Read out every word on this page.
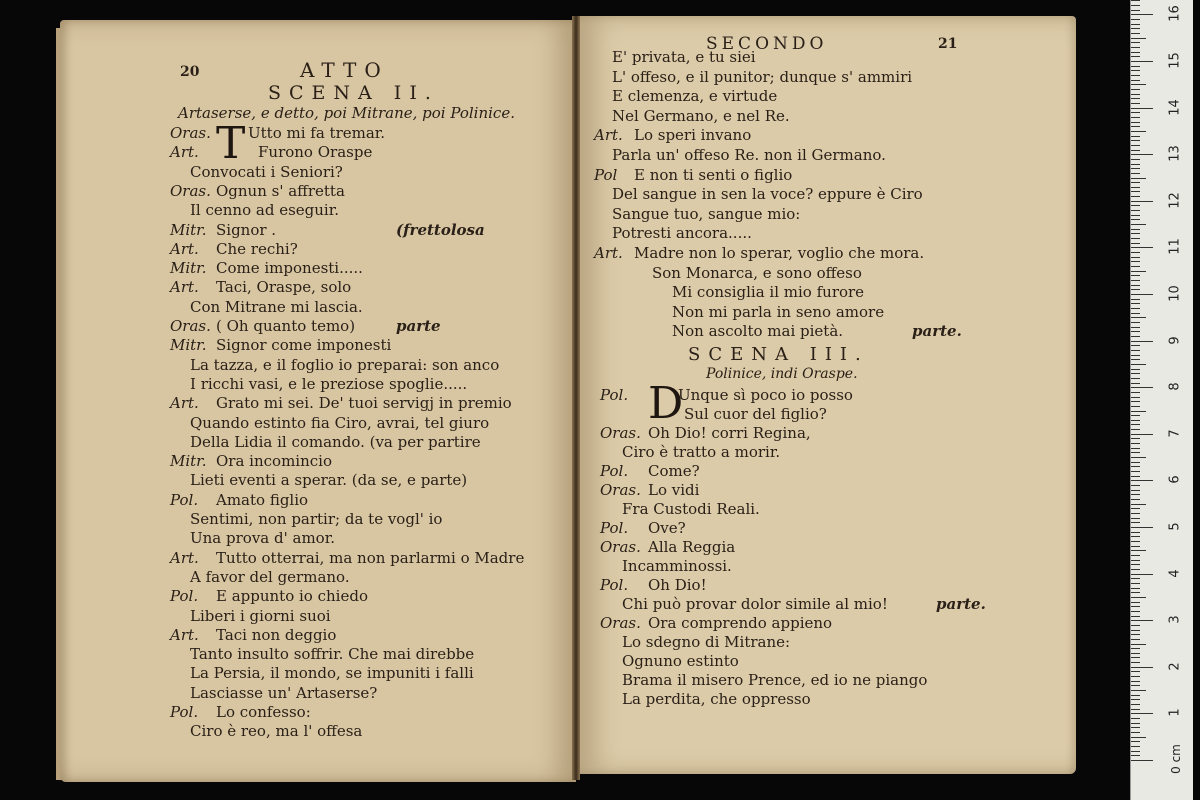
20	ATTO
SCENA II.
Artaserse, e detto, poi Mitrane, poi Polinice.
T
Oras. Utto mi fa tremar.
Art.	Furono Oraspe
Convocati i Seniori?
Oras. Ognun s' affretta
Il cenno ad eseguir.
Mitr. Signor .	(frettolosa
Art. Che rechi?
Mitr. Come imponesti.....
Art. Taci, Oraspe, solo
Con Mitrane mi lascia.
Oras. ( Oh quanto temo)	parte
Mitr. Signor come imponesti
La tazza, e il foglio io preparai: son anco
I ricchi vasi, e le preziose spoglie.....
Art. Grato mi sei. De' tuoi servigj in premio
Quando estinto fia Ciro, avrai, tel giuro
Della Lidia il comando. (va per partire
Mitr. Ora incomincio
Lieti eventi a sperar. (da se, e parte)
Pol. Amato figlio
Sentimi, non partir; da te vogl' io
Una prova d' amor.
Art. Tutto otterrai, ma non parlarmi o Madre
A favor del germano.
Pol. E appunto io chiedo
Liberi i giorni suoi
Art. Taci non deggio
Tanto insulto soffrir. Che mai direbbe
La Persia, il mondo, se impuniti i falli
Lasciasse un' Artaserse?
Pol. Lo confesso:
Ciro è reo, ma l' offesa
SECONDO	21
E' privata, e tu siei
L' offeso, e il punitor; dunque s' ammiri
E clemenza, e virtude
Nel Germano, e nel Re.
Art. Lo speri invano
Parla un' offeso Re. non il Germano.
Pol E non ti senti o figlio
Del sangue in sen la voce? eppure è Ciro
Sangue tuo, sangue mio:
Potresti ancora.....
Art. Madre non lo sperar, voglio che mora.
Son Monarca, e sono offeso
Mi consiglia il mio furore
Non mi parla in seno amore
Non ascolto mai pietà.	parte.
SCENA III.
Polinice, indi Oraspe.
D
Pol.	Unque sì poco io posso
Sul cuor del figlio?
Oras. Oh Dio! corri Regina,
Ciro è tratto a morir.
Pol. Come?
Oras. Lo vidi
Fra Custodi Reali.
Pol. Ove?
Oras. Alla Reggia
Incamminossi.
Pol. Oh Dio!
Chi può provar dolor simile al mio!	parte.
Oras. Ora comprendo appieno
Lo sdegno di Mitrane:
Ognuno estinto
Brama il misero Prence, ed io ne piango
La perdita, che oppresso
0 cm
1
2
3
4
5
6
7
8
9
10
11
12
13
14
15
16
